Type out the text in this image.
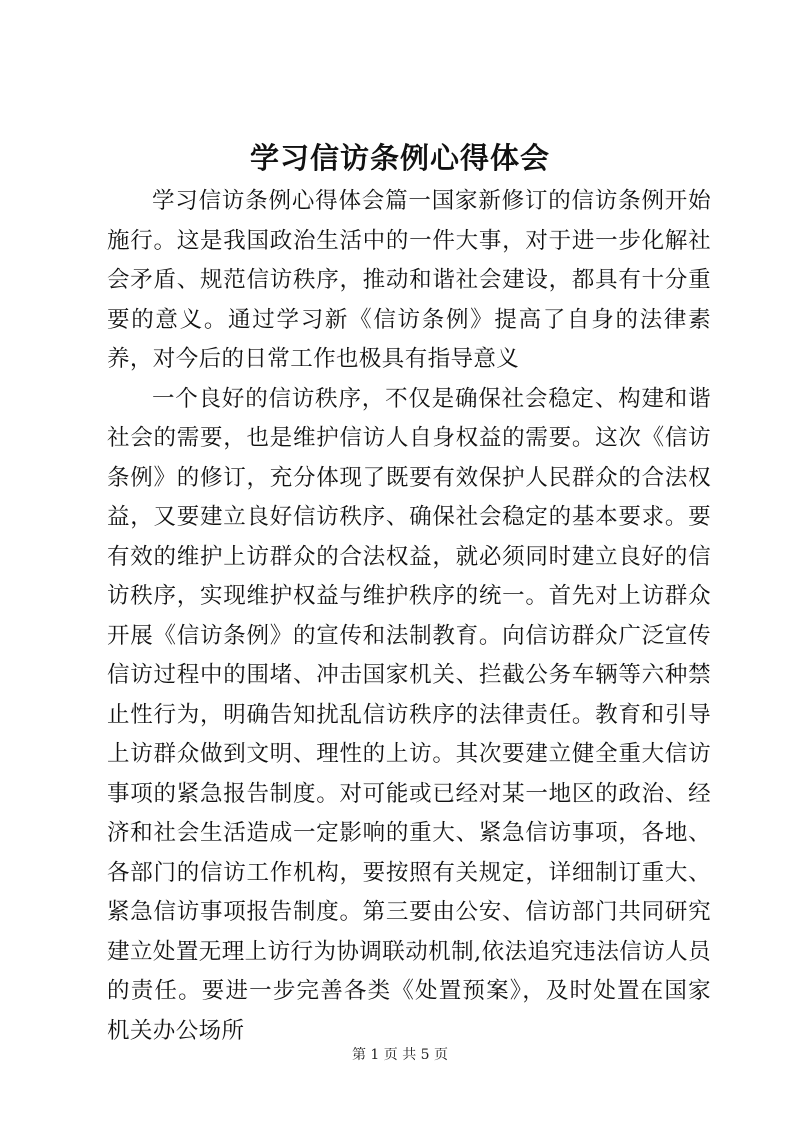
学习信访条例心得体会

学习信访条例心得体会篇一国家新修订的信访条例开始施行。这是我国政治生活中的一件大事，对于进一步化解社会矛盾、规范信访秩序，推动和谐社会建设，都具有十分重要的意义。通过学习新《信访条例》提高了自身的法律素养，对今后的日常工作也极具有指导意义

一个良好的信访秩序，不仅是确保社会稳定、构建和谐社会的需要，也是维护信访人自身权益的需要。这次《信访条例》的修订，充分体现了既要有效保护人民群众的合法权益，又要建立良好信访秩序、确保社会稳定的基本要求。要有效的维护上访群众的合法权益，就必须同时建立良好的信访秩序，实现维护权益与维护秩序的统一。首先对上访群众开展《信访条例》的宣传和法制教育。向信访群众广泛宣传信访过程中的围堵、冲击国家机关、拦截公务车辆等六种禁止性行为，明确告知扰乱信访秩序的法律责任。教育和引导上访群众做到文明、理性的上访。其次要建立健全重大信访事项的紧急报告制度。对可能或已经对某一地区的政治、经济和社会生活造成一定影响的重大、紧急信访事项，各地、各部门的信访工作机构，要按照有关规定，详细制订重大、紧急信访事项报告制度。第三要由公安、信访部门共同研究建立处置无理上访行为协调联动机制,依法追究违法信访人员的责任。要进一步完善各类《处置预案》，及时处置在国家机关办公场所

第 1 页 共 5 页
